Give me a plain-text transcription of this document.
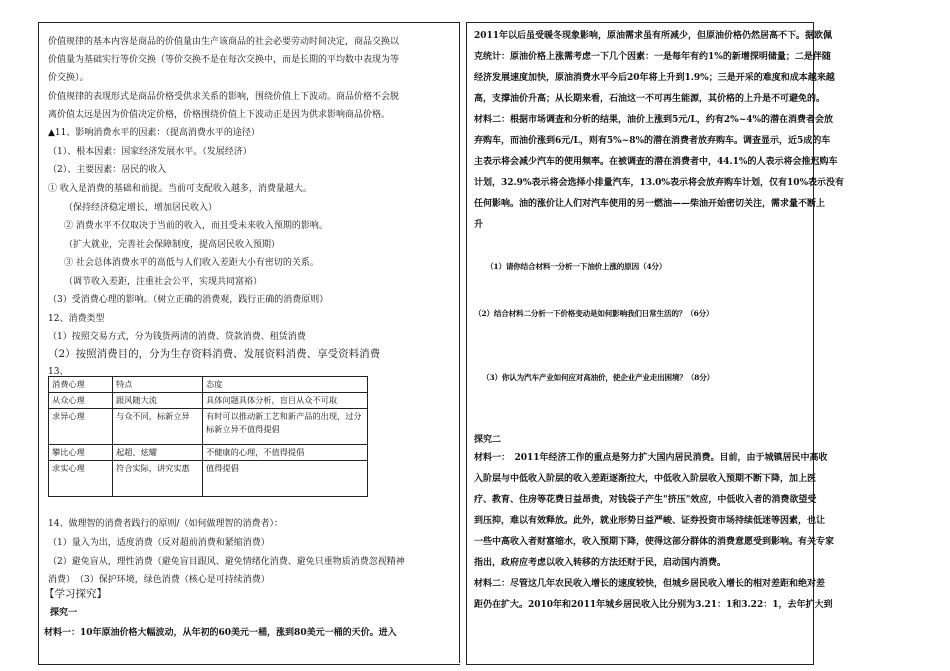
价值规律的基本内容是商品的价值量由生产该商品的社会必要劳动时间决定，商品交换以
价值量为基础实行等价交换（等价交换不是在每次交换中，而是长期的平均数中表现为等
价交换）。
价值规律的表现形式是商品价格受供求关系的影响，围绕价值上下波动。商品价格不会脱
离价值太远是因为价值决定价格，价格围绕价值上下波动正是因为供求影响商品价格。
▲11、影响消费水平的因素：（提高消费水平的途径）
（1）、根本因素：国家经济发展水平。（发展经济）
（2）、主要因素：居民的收入
① 收入是消费的基础和前提。当前可支配收入越多，消费量越大。
（保持经济稳定增长，增加居民收入）
② 消费水平不仅取决于当前的收入，而且受未来收入预期的影响。
（扩大就业，完善社会保障制度，提高居民收入预期）
③ 社会总体消费水平的高低与人们收入差距大小有密切的关系。
（调节收入差距，注重社会公平，实现共同富裕）
（3）受消费心理的影响。（树立正确的消费观，践行正确的消费原则）
12、消费类型
（1）按照交易方式，分为钱货两清的消费、贷款消费、租赁消费
（2）按照消费目的，分为生存资料消费、发展资料消费、享受资料消费
13、
消费心理	特点	态度
从众心理	跟风随大流	具体问题具体分析，盲目从众不可取
求异心理	与众不同，标新立异	有时可以推动新工艺和新产品的出现，过分标新立异不值得提倡
攀比心理	起超、炫耀	不健康的心理，不值得提倡
求实心理	符合实际，讲究实惠	值得提倡
14、做理智的消费者践行的原则/（如何做理智的消费者）：
（1）量入为出，适度消费（反对超前消费和紧缩消费）
（2）避免盲从，理性消费（避免盲目跟风、避免情绪化消费、避免只重物质消费忽视精神
消费）　（3）保护环境，绿色消费（核心是可持续消费）
【学习探究】
探究一
材料一：10年原油价格大幅波动，从年初的60美元一桶，涨到80美元一桶的天价。进入
2011年以后虽受暖冬现象影响，原油需求虽有所减少，但原油价格仍然居高不下。据欧佩
克统计：原油价格上涨需考虑一下几个因素：一是每年有约1%的新增探明储量；二是伴随
经济发展速度加快，原油消费水平今后20年将上升到1.9%；三是开采的难度和成本越来越
高，支撑油价升高；从长期来看，石油这一不可再生能源，其价格的上升是不可避免的。
材料二：根据市场调查和分析的结果，油价上涨到5元/L，约有2%~4%的潜在消费者会放
弃购车，而油价涨到6元/L，则有5%~8%的潜在消费者放弃购车。调查显示，近5成的车
主表示将会减少汽车的使用频率。在被调查的潜在消费者中，44.1%的人表示将会推迟购车
计划，32.9%表示将会选择小排量汽车，13.0%表示将会放弃购车计划，仅有10%表示没有
任何影响。油的涨价让人们对汽车使用的另一燃油——柴油开始密切关注，需求量不断上
升
（1）请你结合材料一分析一下油价上涨的原因（4分）
（2）结合材料二分析一下价格变动是如何影响我们日常生活的？（6分）
（3）你认为汽车产业如何应对高油价，使企业产业走出困境？（8分）
探究二
材料一：　2011年经济工作的重点是努力扩大国内居民消费。目前，由于城镇居民中高收
入阶层与中低收入阶层的收入差距逐渐拉大，中低收入阶层收入预期不断下降，加上医
疗、教育、住房等花费日益昂贵，对钱袋子产生"挤压"效应，中低收入者的消费欲望受
到压抑，难以有效释放。此外，就业形势日益严峻、证券投资市场持续低迷等因素，也让
一些中高收入者财富缩水，收入预期下降，使得这部分群体的消费意愿受到影响。有关专家
指出，政府应考虑以收入转移的方法还财于民，启动国内消费。
材料二：尽管这几年农民收入增长的速度较快，但城乡居民收入增长的相对差距和绝对差
距仍在扩大。2010年和2011年城乡居民收入比分别为3.21：1和3.22：1，去年扩大到
